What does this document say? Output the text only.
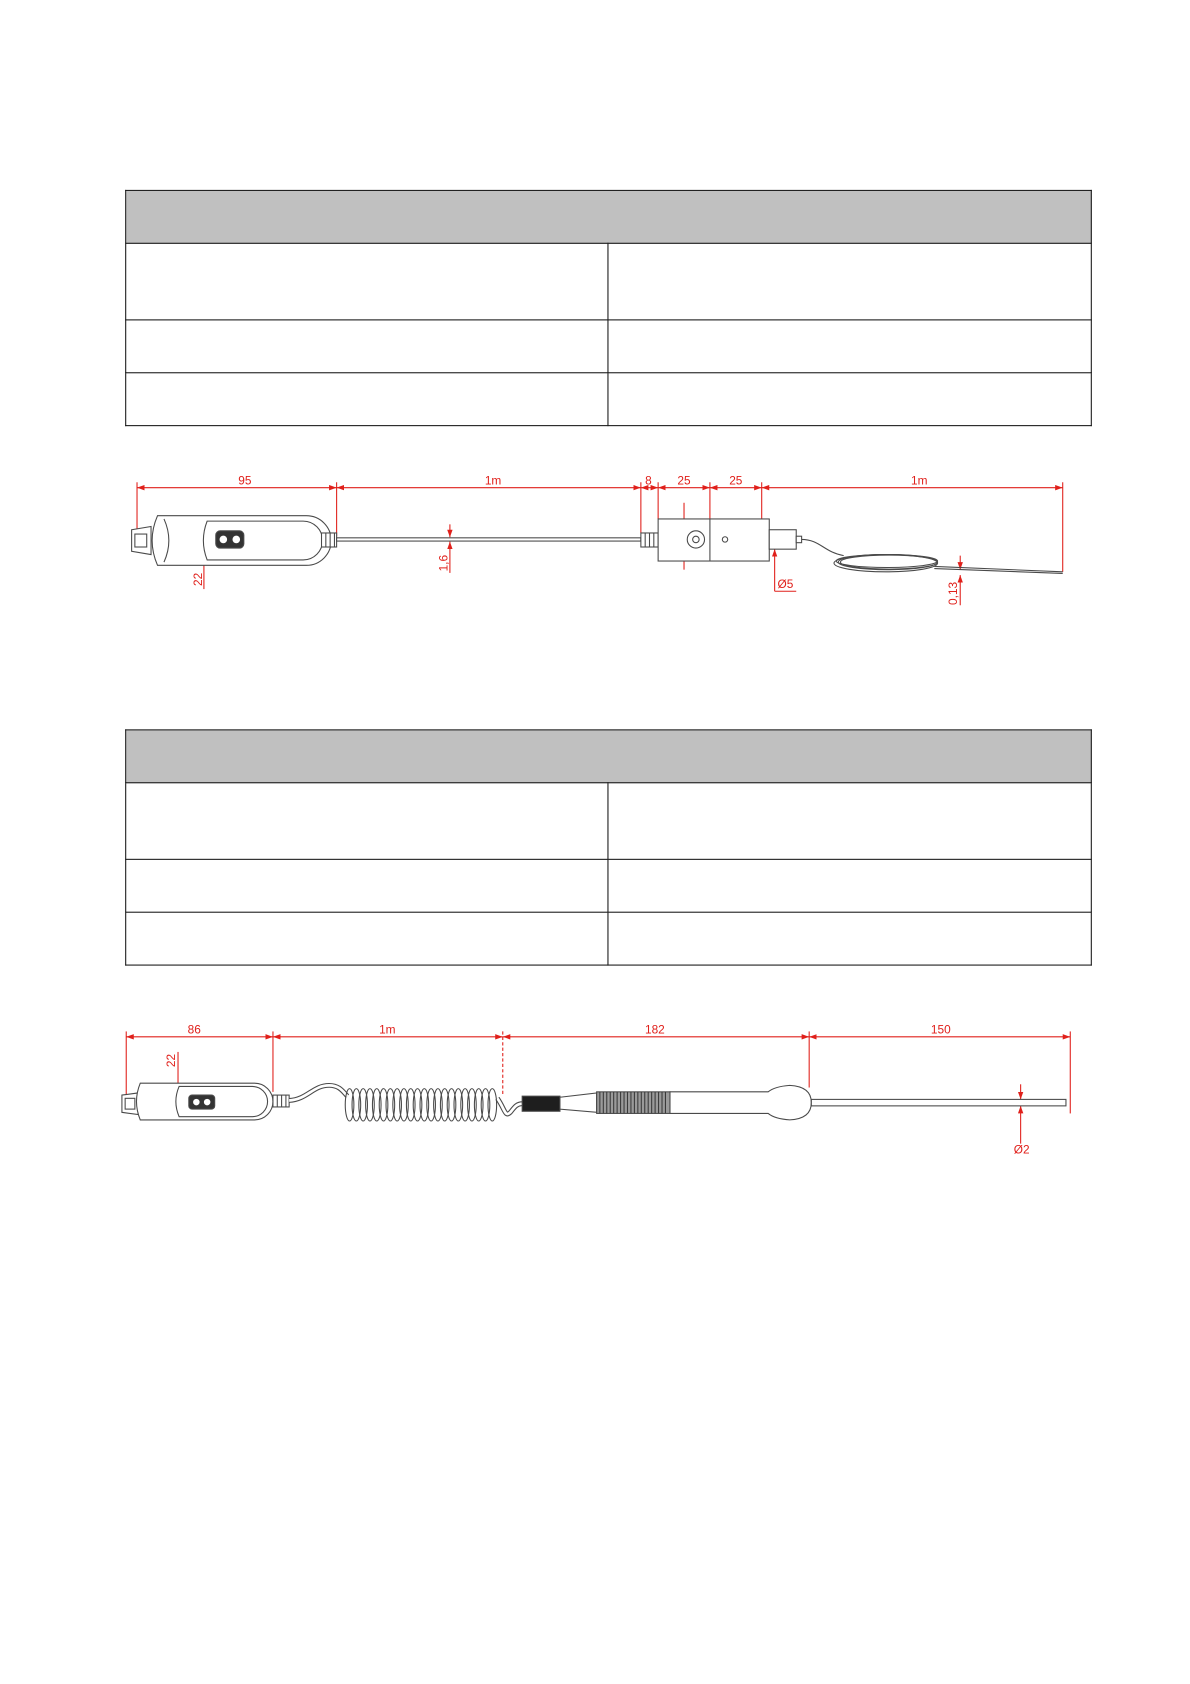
95	1m	8 25	25	1m
1,6
22	Ø5	0,13

86	1m	182	150
22
Ø2
